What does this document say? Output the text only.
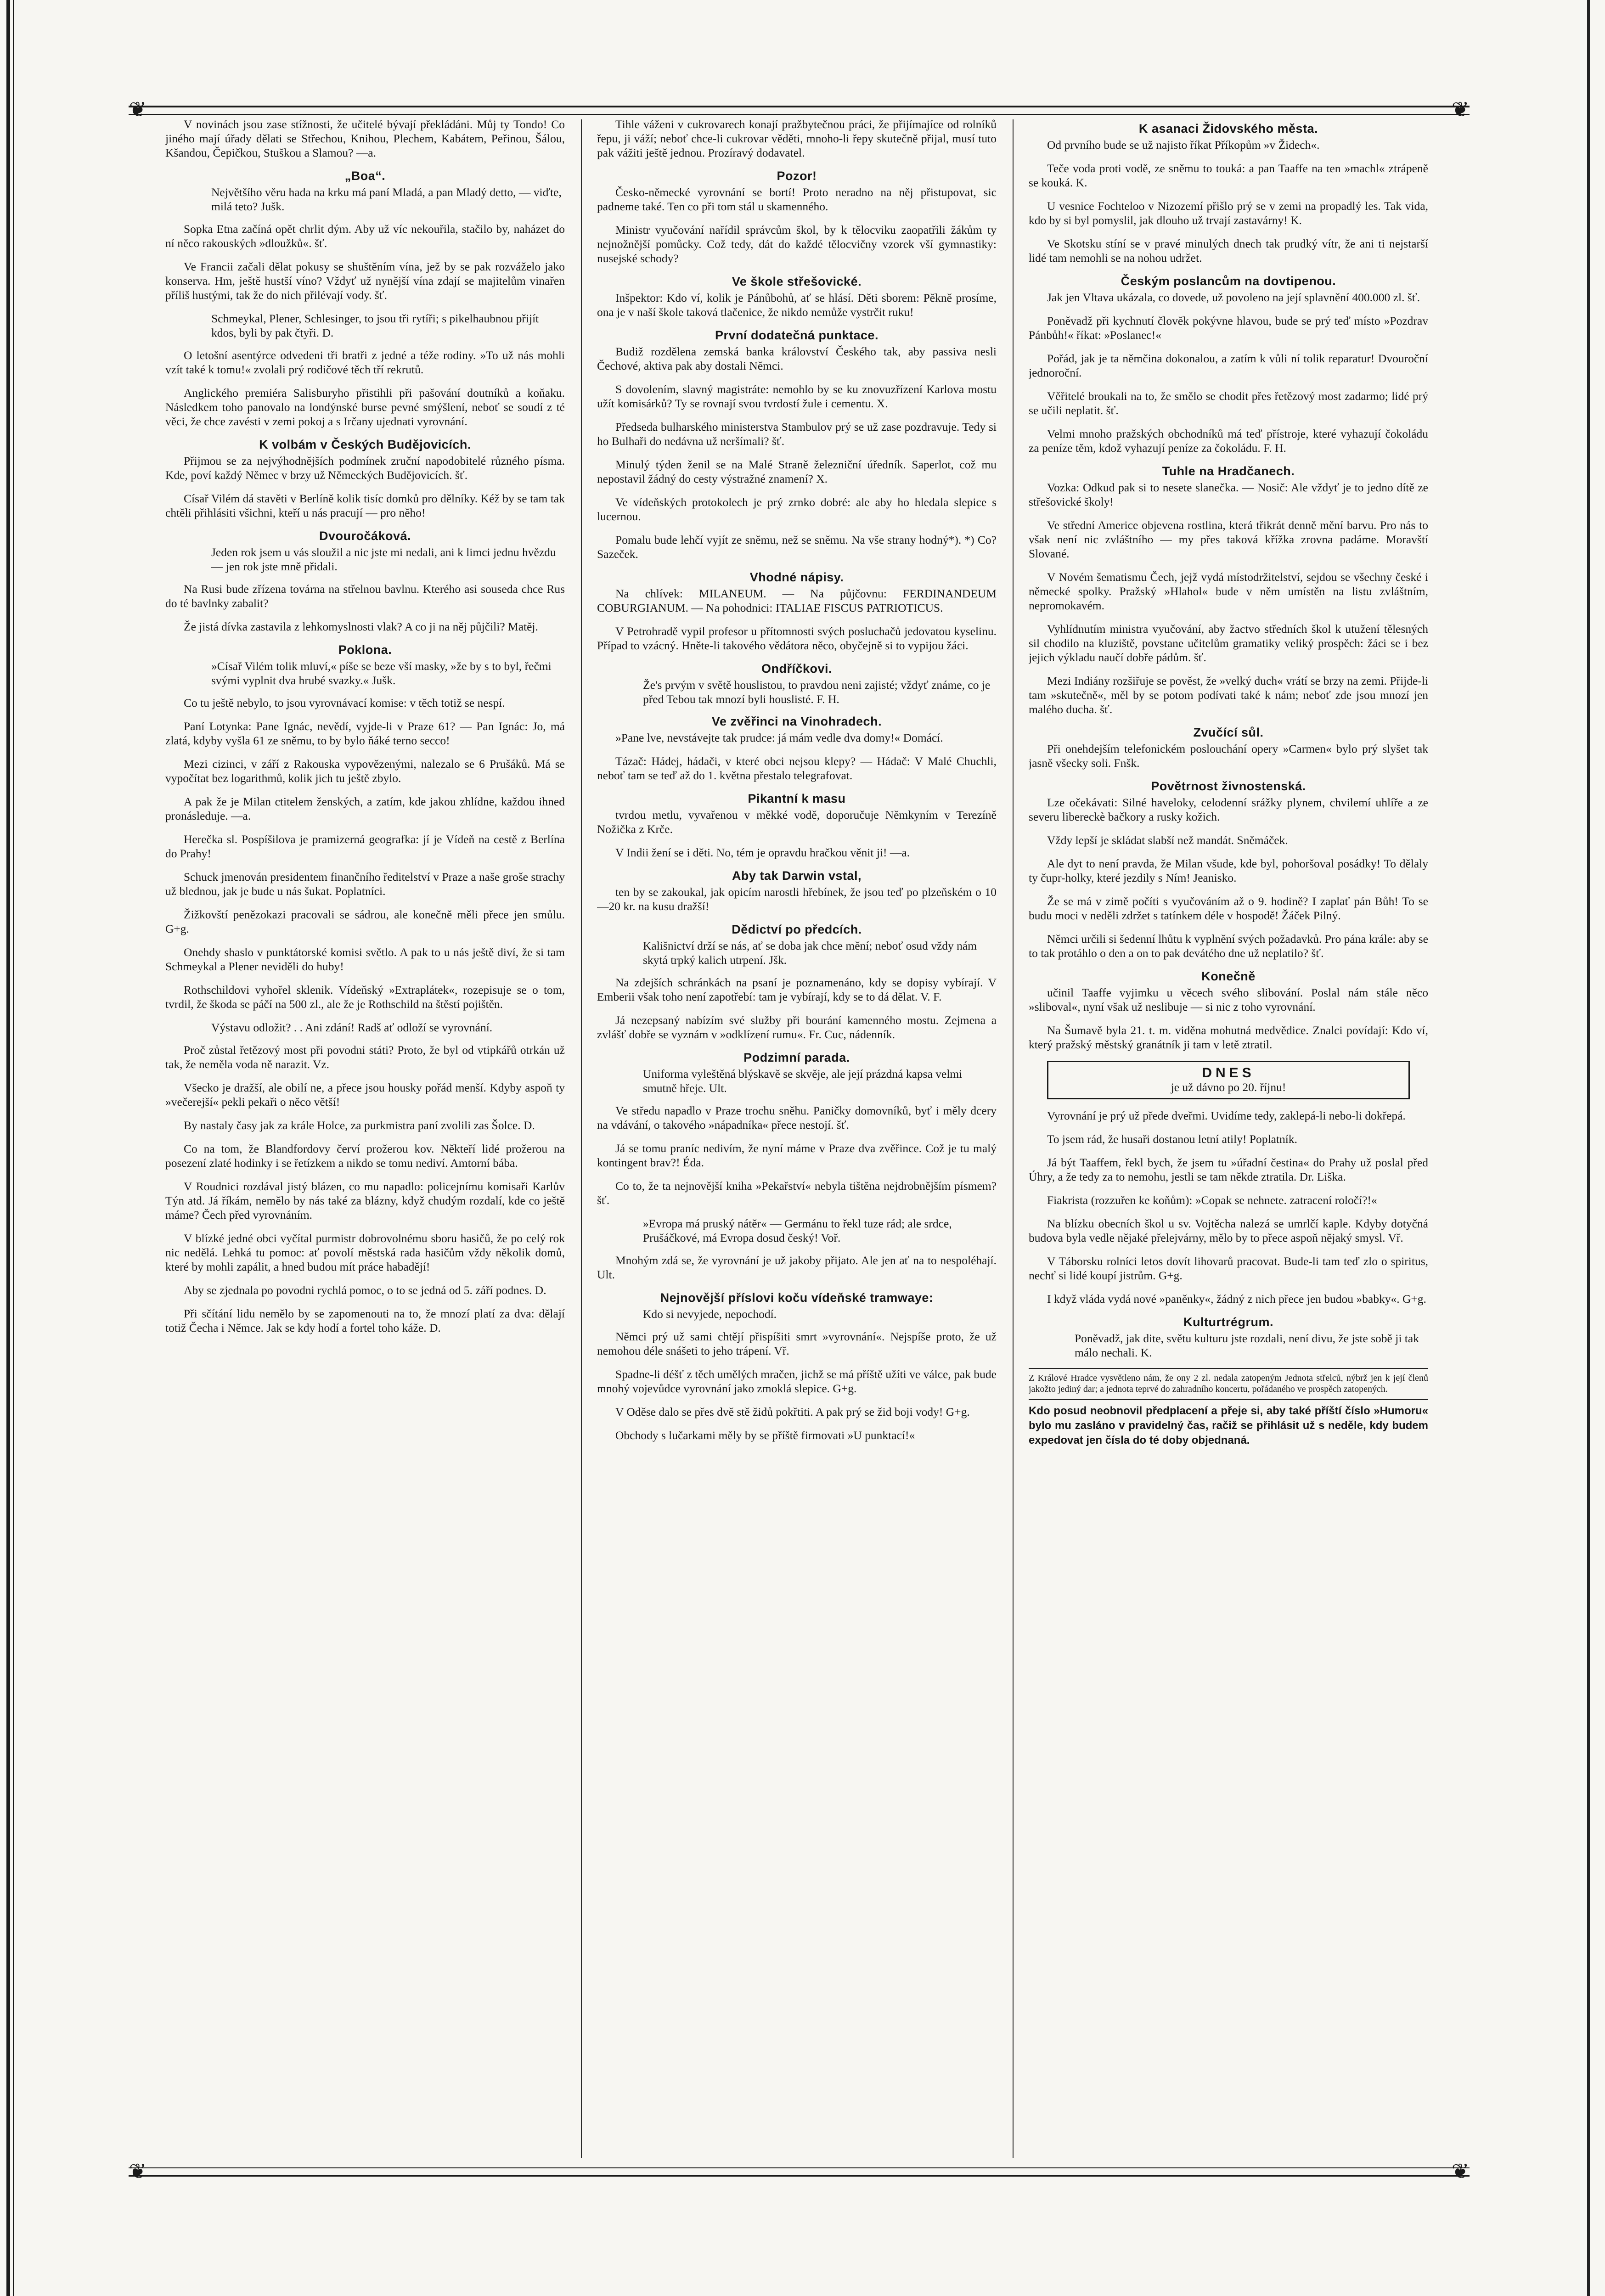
❦	❦
❦	❦

V novinách jsou zase stížnosti, že učitelé bývají překládáni. Můj ty Tondo! Co jiného mají úřady dělati se Střechou, Knihou, Plechem, Kabátem, Peřinou, Šálou, Kšandou, Čepičkou, Stuškou a Slamou? —a.

„Boa“.
Největšího věru hada na krku má paní Mladá, a pan Mladý detto, — viďte, milá teto? Jušk.

Sopka Etna začíná opět chrlit dým. Aby už víc nekouřila, stačilo by, naházet do ní něco rakouských »dloužků«. šť.

Ve Francii začali dělat pokusy se shuštěním vína, jež by se pak rozváželo jako konserva. Hm, ještě hustší víno? Vždyť už nynější vína zdají se majitelům vinařen příliš hustými, tak že do nich přilévají vody. šť.

Schmeykal, Plener, Schlesinger, to jsou tři rytíři; s pikelhaubnou přijít kdos, byli by pak čtyři. D.

O letošní asentýrce odvedeni tři bratři z jedné a téže rodiny. »To už nás mohli vzít také k tomu!« zvolali prý rodičové těch tří rekrutů.

Anglického premiéra Salisburyho přistihli při pašování doutníků a koňaku. Následkem toho panovalo na londýnské burse pevné smýšlení, neboť se soudí z té věci, že chce zavésti v zemi pokoj a s Irčany ujednati vyrovnání.

K volbám v Českých Budějovicích.

Přijmou se za nejvýhodnějších podmínek zruční napodobitelé různého písma. Kde, poví každý Němec v brzy už Německých Budějovicích. šť.

Císař Vilém dá stavěti v Berlíně kolik tisíc domků pro dělníky. Kéž by se tam tak chtěli přihlásiti všichni, kteří u nás pracují — pro něho!

Dvouročáková.
Jeden rok jsem u vás sloužil a nic jste mi nedali, ani k limci jednu hvězdu — jen rok jste mně přidali.

Na Rusi bude zřízena továrna na střelnou bavlnu. Kterého asi souseda chce Rus do té bavlnky zabalit?

Že jistá dívka zastavila z lehkomyslnosti vlak? A co ji na něj půjčili? Matěj.

Poklona.
»Císař Vilém tolik mluví,« píše se beze vší masky, »že by s to byl, řečmi svými vyplnit dva hrubé svazky.« Jušk.

Co tu ještě nebylo, to jsou vyrovnávací komise: v těch totiž se nespí.

Paní Lotynka: Pane Ignác, nevědí, vyjde-li v Praze 61? — Pan Ignác: Jo, má zlatá, kdyby vyšla 61 ze sněmu, to by bylo ňáké terno secco!

Mezi cizinci, v září z Rakouska vypovězenými, nalezalo se 6 Prušáků. Má se vypočítat bez logarithmů, kolik jich tu ještě zbylo.

A pak že je Milan ctitelem ženských, a zatím, kde jakou zhlídne, každou ihned pronásleduje. —a.

Herečka sl. Pospíšilova je pramizerná geografka: jí je Vídeň na cestě z Berlína do Prahy!

Schuck jmenován presidentem finančního ředitelství v Praze a naše groše strachy už blednou, jak je bude u nás šukat. Poplatníci.

Žižkovští penězokazi pracovali se sádrou, ale konečně měli přece jen smůlu. G+g.

Onehdy shaslo v punktátorské komisi světlo. A pak to u nás ještě diví, že si tam Schmeykal a Plener neviděli do huby!

Rothschildovi vyhořel sklenik. Vídeňský »Extraplátek«, rozepisuje se o tom, tvrdil, že škoda se páčí na 500 zl., ale že je Rothschild na štěstí pojištěn.

Výstavu odložit? . . Ani zdání! Radš ať odloží se vyrovnání.

Proč zůstal řetězový most při povodni státi? Proto, že byl od vtipkářů otrkán už tak, že neměla voda ně narazit. Vz.

Všecko je dražší, ale obilí ne, a přece jsou housky pořád menší. Kdyby aspoň ty »večerejší« pekli pekaři o něco větší!

By nastaly časy jak za krále Holce, za purkmistra paní zvolili zas Šolce. D.

Co na tom, že Blandfordovy červí prožerou kov. Někteří lidé prožerou na posezení zlaté hodinky i se řetízkem a nikdo se tomu nediví. Amtorní bába.

V Roudnici rozdával jistý blázen, co mu napadlo: policejnímu komisaři Karlův Týn atd. Já říkám, nemělo by nás také za blázny, když chudým rozdalí, kde co ještě máme? Čech před vyrovnáním.

V blízké jedné obci vyčítal purmistr dobrovolnému sboru hasičů, že po celý rok nic nedělá. Lehká tu pomoc: ať povolí městská rada hasičům vždy několik domů, které by mohli zapálit, a hned budou mít práce habadějí!

Aby se zjednala po povodni rychlá pomoc, o to se jedná od 5. září podnes. D.

Při sčítání lidu nemělo by se zapomenouti na to, že mnozí platí za dva: dělají totiž Čecha i Němce. Jak se kdy hodí a fortel toho káže. D.

Tihle váženi v cukrovarech konají pražbytečnou práci, že přijímajíce od rolníků řepu, ji váží; neboť chce-li cukrovar věděti, mnoho-li řepy skutečně přijal, musí tuto pak vážiti ještě jednou. Prozíravý dodavatel.

Pozor!

Česko-německé vyrovnání se bortí! Proto neradno na něj přistupovat, sic padneme také. Ten co při tom stál u skamenného.

Ministr vyučování nařídil správcům škol, by k tělocviku zaopatřili žákům ty nejnožnější pomůcky. Což tedy, dát do každé tělocvičny vzorek vší gymnastiky: nusejské schody?

Ve škole střešovické.

Inšpektor: Kdo ví, kolik je Pánůbohů, ať se hlásí. Děti sborem: Pěkně prosíme, ona je v naší škole taková tlačenice, že nikdo nemůže vystrčit ruku!

První dodatečná punktace.

Budiž rozdělena zemská banka království Českého tak, aby passiva nesli Čechové, aktiva pak aby dostali Němci.

S dovolením, slavný magistráte: nemohlo by se ku znovuzřízení Karlova mostu užít komisárků? Ty se rovnají svou tvrdostí žule i cementu. X.

Předseda bulharského ministerstva Stambulov prý se už zase pozdravuje. Tedy si ho Bulhaři do nedávna už neršímali? šť.

Minulý týden ženil se na Malé Straně železniční úředník. Saperlot, což mu nepostavil žádný do cesty výstražné znamení? X.

Ve vídeňských protokolech je prý zrnko dobré: ale aby ho hledala slepice s lucernou.

Pomalu bude lehčí vyjít ze sněmu, než se sněmu. Na vše strany hodný*). *) Co? Sazeček.

Vhodné nápisy.

Na chlívek: MILANEUM. — Na půjčovnu: FERDINANDEUM COBURGIANUM. — Na pohodnici: ITALIAE FISCUS PATRIOTICUS.

V Petrohradě vypil profesor u přítomnosti svých posluchačů jedovatou kyselinu. Případ to vzácný. Hněte-li takového vědátora něco, obyčejně si to vypijou žáci.

Ondříčkovi.
Že's prvým v světě houslistou, to pravdou neni zajisté; vždyť známe, co je před Tebou tak mnozí byli houslisté. F. H.
Ve zvěřinci na Vinohradech.

»Pane lve, nevstávejte tak prudce: já mám vedle dva domy!« Domácí.

Tázač: Hádej, hádači, v které obci nejsou klepy? — Hádač: V Malé Chuchli, neboť tam se teď až do 1. května přestalo telegrafovat.

Pikantní k masu

tvrdou metlu, vyvařenou v měkké vodě, doporučuje Němkyním v Terezíně Nožička z Krče.

V Indii žení se i děti. No, tém je opravdu hračkou věnit ji! —a.

Aby tak Darwin vstal,

ten by se zakoukal, jak opicím narostli hřebínek, že jsou teď po plzeňském o 10—20 kr. na kusu dražší!

Dědictví po předcích.
Kališnictví drží se nás, ať se doba jak chce mění; neboť osud vždy nám skytá trpký kalich utrpení. Jšk.

Na zdejších schránkách na psaní je poznamenáno, kdy se dopisy vybírají. V Emberii však toho není zapotřebí: tam je vybírají, kdy se to dá dělat. V. F.

Já nezepsaný nabízím své služby při bourání kamenného mostu. Zejmena a zvlášť dobře se vyznám v »odklízení rumu«. Fr. Cuc, nádenník.

Podzimní parada.
Uniforma vyleštěná blýskavě se skvěje, ale její prázdná kapsa velmi smutně hřeje. Ult.

Ve středu napadlo v Praze trochu sněhu. Paničky domovníků, byť i měly dcery na vdávání, o takového »nápadníka« přece nestojí. šť.

Já se tomu praníc nedivím, že nyní máme v Praze dva zvěřince. Což je tu malý kontingent brav?! Éda.

Co to, že ta nejnovější kniha »Pekařství« nebyla tištěna nejdrobnějším písmem? šť.

»Evropa má pruský nátěr« — Germánu to řekl tuze rád; ale srdce, Prušáčkové, má Evropa dosud český! Voř.

Mnohým zdá se, že vyrovnání je už jakoby přijato. Ale jen ať na to nespoléhají. Ult.

Nejnovější příslovi koču vídeňské tramwaye:
Kdo si nevyjede, nepochodí.

Němci prý už sami chtějí přispíšiti smrt »vyrovnání«. Nejspíše proto, že už nemohou déle snášeti to jeho trápení. Vř.

Spadne-li déšť z těch umělých mračen, jichž se má příště užíti ve válce, pak bude mnohý vojevůdce vyrovnání jako zmoklá slepice. G+g.

V Oděse dalo se přes dvě stě židů pokřtiti. A pak prý se žid boji vody! G+g.

Obchody s lučarkami měly by se příště firmovati »U punktací!«

K asanaci Židovského města.

Od prvního bude se už najisto říkat Příkopům »v Židech«.

Teče voda proti vodě, ze sněmu to touká: a pan Taaffe na ten »machl« ztrápeně se kouká. K.

U vesnice Fochteloo v Nizozemí přišlo prý se v zemi na propadlý les. Tak vida, kdo by si byl pomyslil, jak dlouho už trvají zastavárny! K.

Ve Skotsku stíní se v pravé minulých dnech tak prudký vítr, že ani ti nejstarší lidé tam nemohli se na nohou udržet.

Českým poslancům na dovtipenou.

Jak jen Vltava ukázala, co dovede, už povoleno na její splavnění 400.000 zl. šť.

Poněvadž při kychnutí člověk pokývne hlavou, bude se prý teď místo »Pozdrav Pánbůh!« říkat: »Poslanec!«

Pořád, jak je ta němčina dokonalou, a zatím k vůli ní tolik reparatur! Dvouroční jednoroční.

Věřitelé broukali na to, že smělo se chodit přes řetězový most zadarmo; lidé prý se učili neplatit. šť.

Velmi mnoho pražských obchodníků má teď přístroje, které vyhazují čokoládu za peníze těm, kdož vyhazují peníze za čokoládu. F. H.

Tuhle na Hradčanech.

Vozka: Odkud pak si to nesete slanečka. — Nosič: Ale vždyť je to jedno dítě ze střešovické školy!

Ve střední Americe objevena rostlina, která třikrát denně mění barvu. Pro nás to však není nic zvláštního — my přes taková křížka zrovna padáme. Moravští Slované.

V Novém šematismu Čech, jejž vydá místodržitelství, sejdou se všechny české i německé spolky. Pražský »Hlahol« bude v něm umístěn na listu zvláštním, nepromokavém.

Vyhlídnutím ministra vyučování, aby žactvo středních škol k utužení tělesných sil chodilo na kluziště, povstane učitelům gramatiky veliký prospěch: žáci se i bez jejich výkladu naučí dobře pádům. šť.

Mezi Indiány rozšiřuje se pověst, že »velký duch« vrátí se brzy na zemi. Přijde-li tam »skutečně«, měl by se potom podívati také k nám; neboť zde jsou mnozí jen malého ducha. šť.

Zvučící sůl.

Při onehdejším telefonickém poslouchání opery »Carmen« bylo prý slyšet tak jasně všecky soli. Fnšk.

Povětrnost živnostenská.

Lze očekávati: Silné haveloky, celodenní srážky plynem, chvilemí uhlíře a ze severu libereckè bačkory a rusky kožich.

Vždy lepší je skládat slabší než mandát. Sněmáček.

Ale dyt to není pravda, že Milan všude, kde byl, pohoršoval posádky! To dělaly ty čupr-holky, které jezdily s Ním! Jeanisko.

Že se má v zimě počíti s vyučováním až o 9. hodině? I zaplať pán Bůh! To se budu moci v neděli zdržet s tatínkem déle v hospodě! Žáček Pilný.

Němci určili si šedenní lhůtu k vyplnění svých požadavků. Pro pána krále: aby se to tak protáhlo o den a on to pak devátého dne už neplatilo? šť.

Konečně

učinil Taaffe vyjimku u věcech svého slibování. Poslal nám stále něco »sliboval«, nyní však už neslibuje — si nic z toho vyrovnání.

Na Šumavě byla 21. t. m. viděna mohutná medvědice. Znalci povídají: Kdo ví, který pražský městský granátník ji tam v letě ztratil.

DNES
je už dávno po 20. říjnu!

Vyrovnání je prý už přede dveřmi. Uvidíme tedy, zaklepá-li nebo-li dokřepá.

To jsem rád, že husaři dostanou letní atily! Poplatník.

Já být Taaffem, řekl bych, že jsem tu »úřadní čestina« do Prahy už poslal před Úhry, a že tedy za to nemohu, jestli se tam někde ztratila. Dr. Liška.

Fiakrista (rozzuřen ke koňům): »Copak se nehnete. zatracení roločí?!«

Na blízku obecních škol u sv. Vojtěcha nalezá se umrlčí kaple. Kdyby dotyčná budova byla vedle nějaké přelejvárny, mělo by to přece aspoň nějaký smysl. Vř.

V Táborsku rolníci letos dovít lihovarů pracovat. Bude-li tam teď zlo o spiritus, nechť si lidé koupí jistrům. G+g.

I když vláda vydá nové »paněnky«, žádný z nich přece jen budou »babky«. G+g.

Kulturtrégrum.
Poněvadž, jak dite, světu kulturu jste rozdali, není divu, že jste sobě ji tak málo nechali. K.
Z Králové Hradce vysvětleno nám, že ony 2 zl. nedala zatopeným Jednota střelců, nýbrž jen k její členů jakožto jediný dar; a jednota teprvé do zahradního koncertu, pořádaného ve prospěch zatopených.
Kdo posud neobnovil předplacení a přeje si, aby také příští číslo »Humoru« bylo mu zasláno v pravidelný čas, račiž se přihlásit už s neděle, kdy budem expedovat jen čísla do té doby objednaná.
